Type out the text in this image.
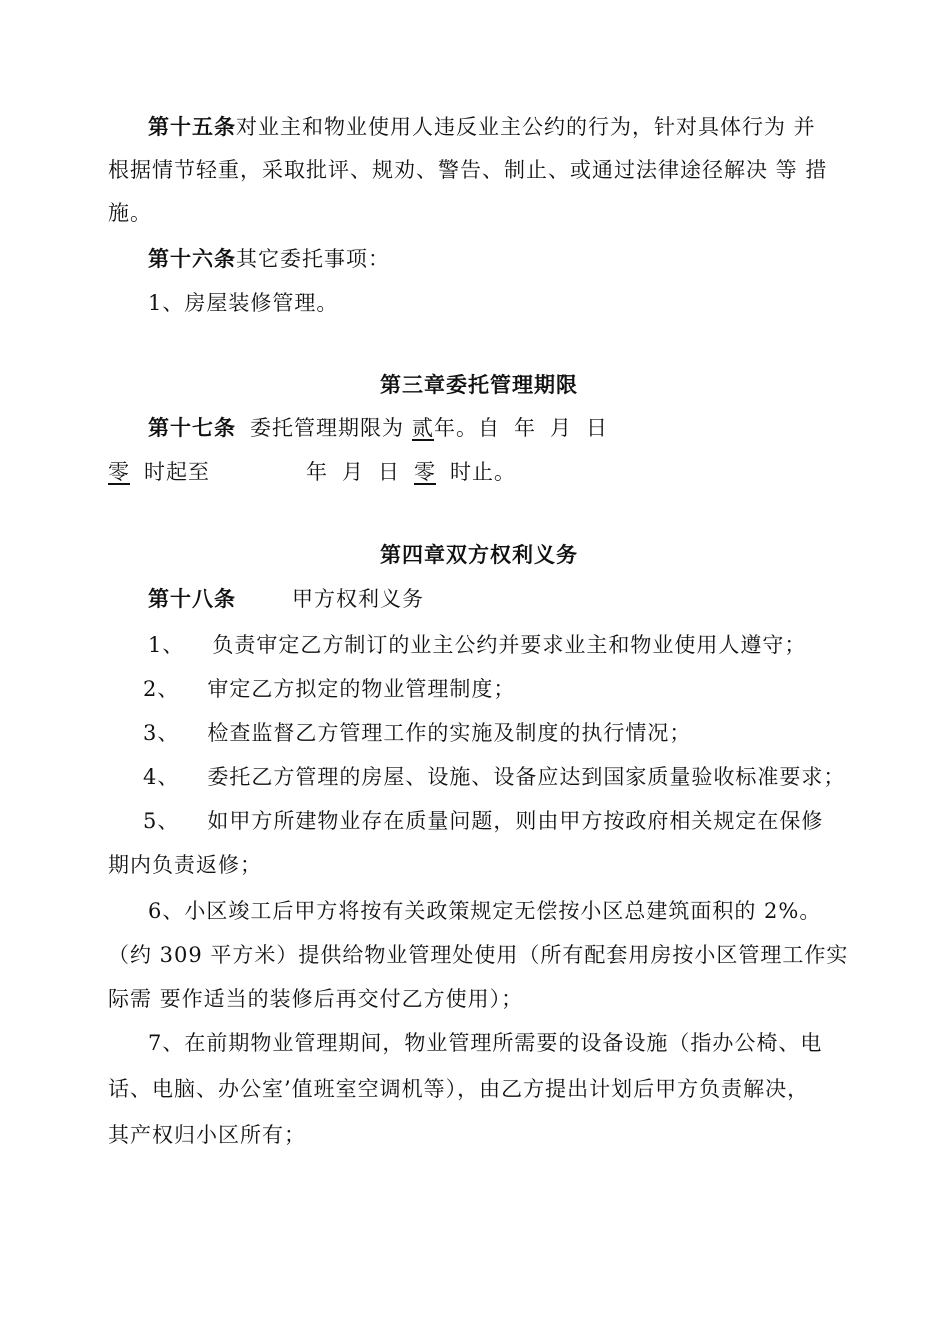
第十五条对业主和物业使用人违反业主公约的行为，针对具体行为 并
根据情节轻重，采取批评、规劝、警告、制止、或通过法律途径解决 等 措
施。
第十六条其它委托事项：
1、房屋装修管理。
第三章委托管理期限
第十七条 委托管理期限为 贰年。自 年 月 日
零 时起至	年 月 日 零 时止。
第四章双方权利义务
第十八条	甲方权利义务
1、 负责审定乙方制订的业主公约并要求业主和物业使用人遵守；
2、 审定乙方拟定的物业管理制度；
3、 检查监督乙方管理工作的实施及制度的执行情况；
4、 委托乙方管理的房屋、设施、设备应达到国家质量验收标准要求；
5、 如甲方所建物业存在质量问题，则由甲方按政府相关规定在保修
期内负责返修；
6、小区竣工后甲方将按有关政策规定无偿按小区总建筑面积的 2%。
（约 309 平方米）提供给物业管理处使用（所有配套用房按小区管理工作实
际需 要作适当的装修后再交付乙方使用）；
7、在前期物业管理期间，物业管理所需要的设备设施（指办公椅、电
话、电脑、办公室’值班室空调机等），由乙方提出计划后甲方负责解决，
其产权归小区所有；
